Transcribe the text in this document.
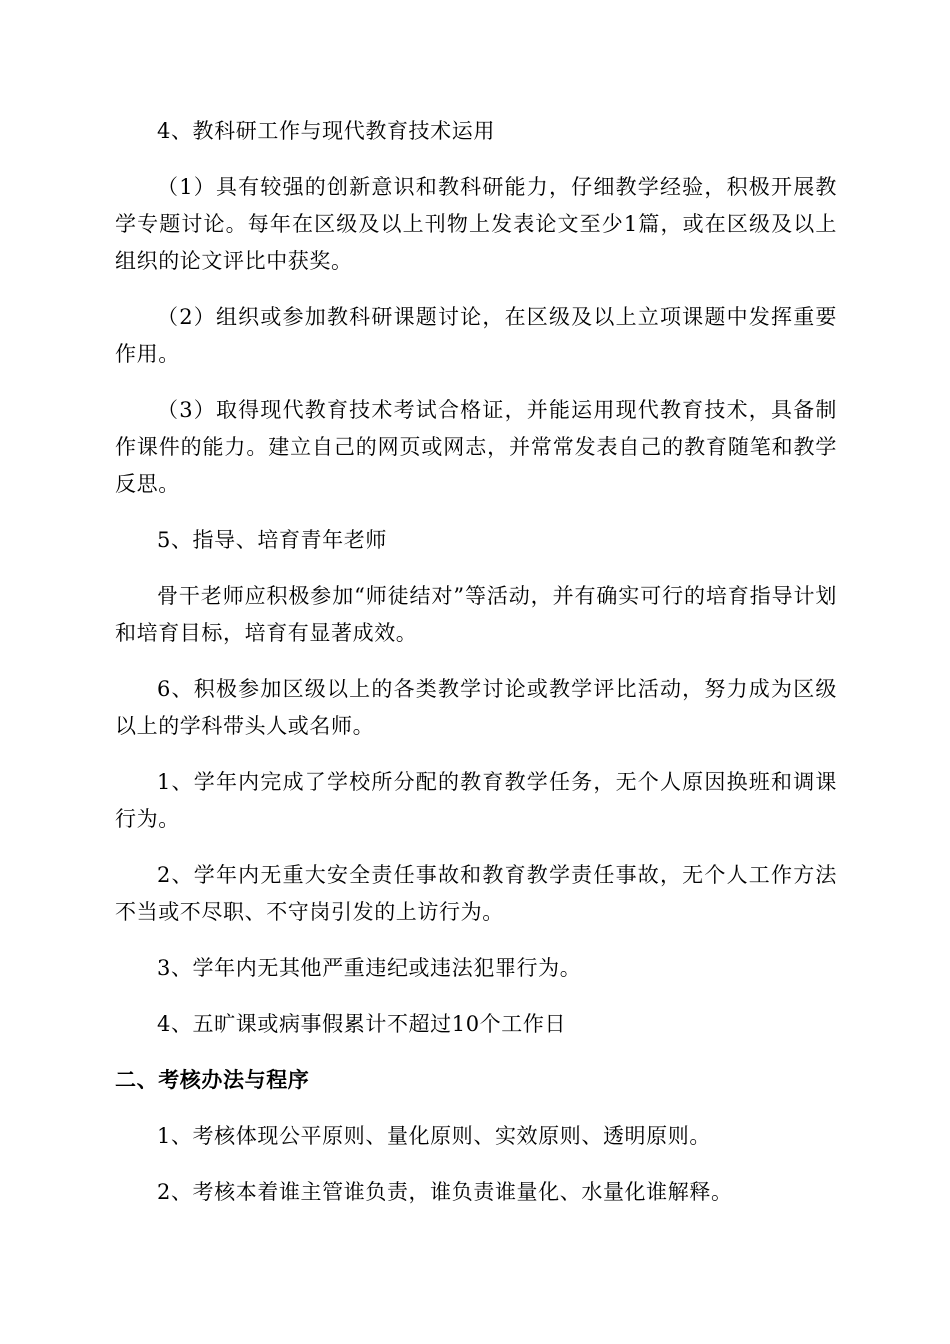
4、教科研工作与现代教育技术运用

（1）具有较强的创新意识和教科研能力，仔细教学经验，积极开展教学专题讨论。每年在区级及以上刊物上发表论文至少1篇，或在区级及以上组织的论文评比中获奖。

（2）组织或参加教科研课题讨论，在区级及以上立项课题中发挥重要作用。

（3）取得现代教育技术考试合格证，并能运用现代教育技术，具备制作课件的能力。建立自己的网页或网志，并常常发表自己的教育随笔和教学反思。

5、指导、培育青年老师

骨干老师应积极参加“师徒结对”等活动，并有确实可行的培育指导计划和培育目标，培育有显著成效。

6、积极参加区级以上的各类教学讨论或教学评比活动，努力成为区级以上的学科带头人或名师。

1、学年内完成了学校所分配的教育教学任务，无个人原因换班和调课行为。

2、学年内无重大安全责任事故和教育教学责任事故，无个人工作方法不当或不尽职、不守岗引发的上访行为。

3、学年内无其他严重违纪或违法犯罪行为。

4、五旷课或病事假累计不超过10个工作日

二、考核办法与程序

1、考核体现公平原则、量化原则、实效原则、透明原则。

2、考核本着谁主管谁负责，谁负责谁量化、水量化谁解释。
